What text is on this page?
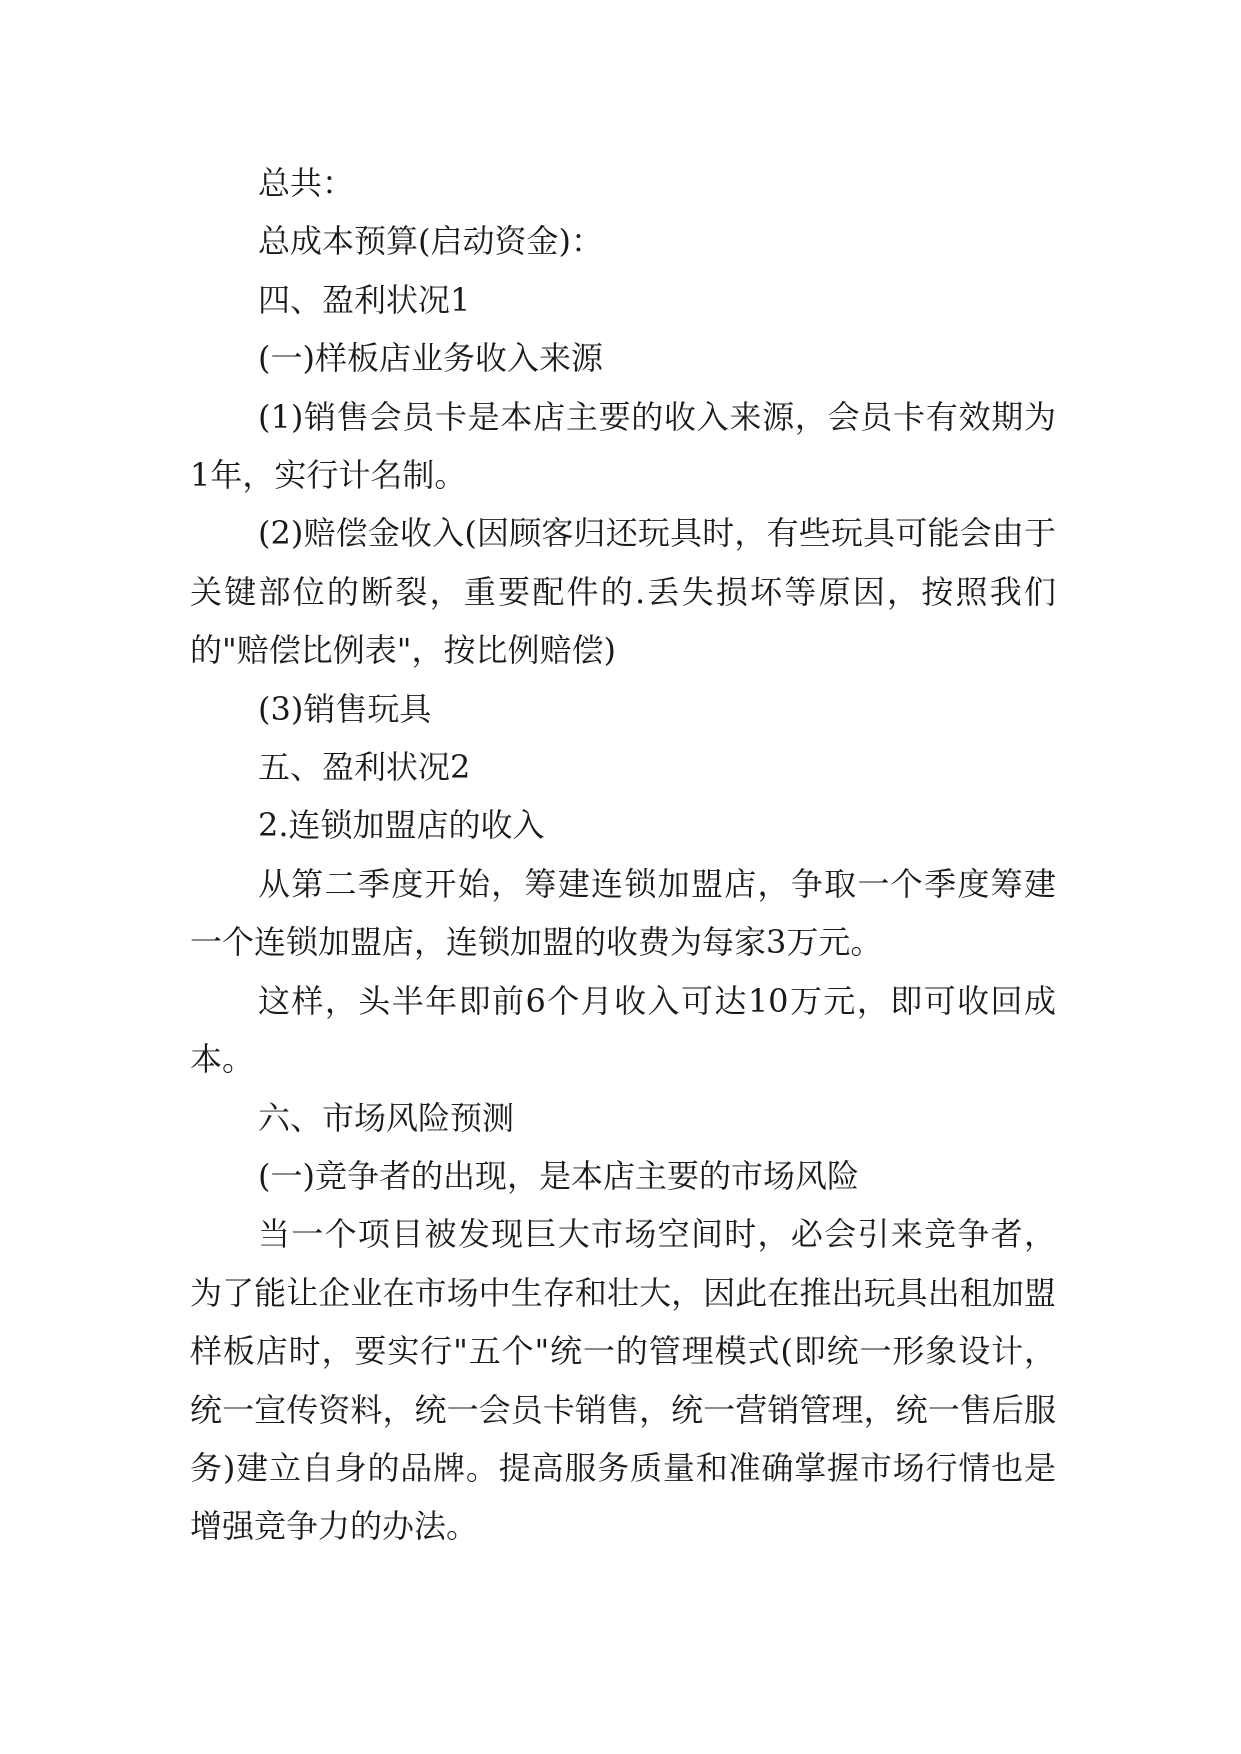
总共：

总成本预算(启动资金)：

四、盈利状况1

(一)样板店业务收入来源

(1)销售会员卡是本店主要的收入来源，会员卡有效期为1年，实行计名制。

(2)赔偿金收入(因顾客归还玩具时，有些玩具可能会由于关键部位的断裂，重要配件的.丢失损坏等原因，按照我们的"赔偿比例表"，按比例赔偿)

(3)销售玩具

五、盈利状况2

2.连锁加盟店的收入

从第二季度开始，筹建连锁加盟店，争取一个季度筹建一个连锁加盟店，连锁加盟的收费为每家3万元。

这样，头半年即前6个月收入可达10万元，即可收回成本。

六、市场风险预测

(一)竞争者的出现，是本店主要的市场风险

当一个项目被发现巨大市场空间时，必会引来竞争者，为了能让企业在市场中生存和壮大，因此在推出玩具出租加盟样板店时，要实行"五个"统一的管理模式(即统一形象设计，统一宣传资料，统一会员卡销售，统一营销管理，统一售后服务)建立自身的品牌。提高服务质量和准确掌握市场行情也是增强竞争力的办法。
